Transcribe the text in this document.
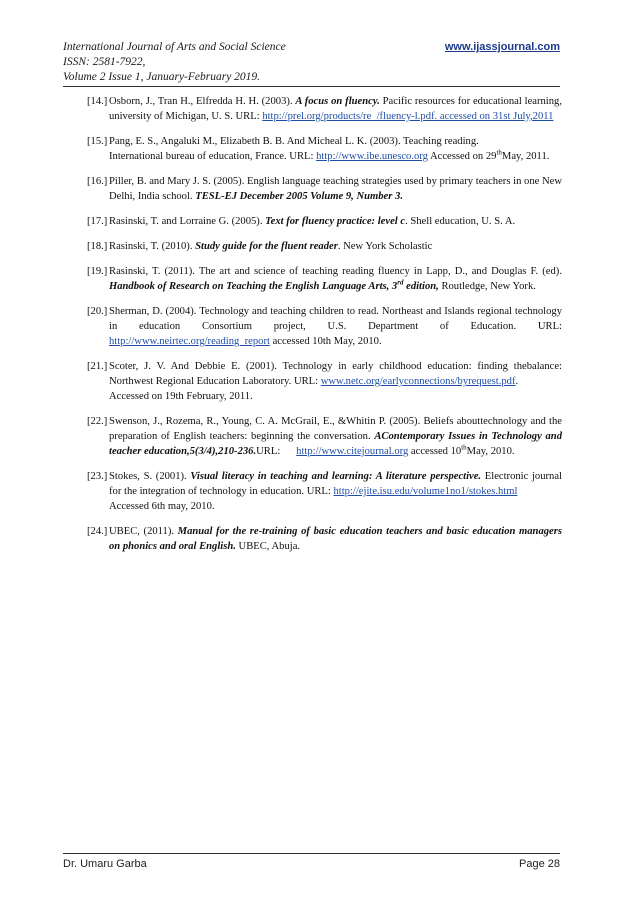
International Journal of Arts and Social Science
ISSN: 2581-7922,
Volume 2 Issue 1, January-February 2019.
www.ijassjournal.com
[14.] Osborn, J., Tran H., Elfredda H. H. (2003). A focus on fluency. Pacific resources for educational learning, university of Michigan, U. S. URL: http://prel.org/products/re_/fluency-l.pdf. accessed on 31st July,2011
[15.] Pang, E. S., Angaluki M., Elizabeth B. B. And Micheal L. K. (2003). Teaching reading.
International bureau of education, France. URL: http://www.ibe.unesco.org Accessed on 29thMay, 2011.
[16.] Piller, B. and Mary J. S. (2005). English language teaching strategies used by primary teachers in one New Delhi, India school. TESL-EJ December 2005 Volume 9, Number 3.
[17.] Rasinski, T. and Lorraine G. (2005). Text for fluency practice: level c. Shell education, U. S. A.
[18.] Rasinski, T. (2010). Study guide for the fluent reader. New York Scholastic
[19.] Rasinski, T. (2011). The art and science of teaching reading fluency in Lapp, D., and Douglas F. (ed). Handbook of Research on Teaching the English Language Arts, 3rd edition, Routledge, New York.
[20.] Sherman, D. (2004). Technology and teaching children to read. Northeast and Islands regional technology in education Consortium project, U.S. Department of Education. URL: http://www.neirtec.org/reading_report accessed 10th May, 2010.
[21.] Scoter, J. V. And Debbie E. (2001). Technology in early childhood education: finding thebalance: Northwest Regional Education Laboratory. URL: www.netc.org/earlyconnections/byrequest.pdf.
Accessed on 19th February, 2011.
[22.] Swenson, J., Rozema, R., Young, C. A. McGrail, E., &Whitin P. (2005). Beliefs abouttechnology and the preparation of English teachers: beginning the conversation. AContemporary Issues in Technology and teacher education,5(3/4),210-236.URL:      http://www.citejournal.org accessed 10thMay, 2010.
[23.] Stokes, S. (2001). Visual literacy in teaching and learning: A literature perspective. Electronic journal for the integration of technology in education. URL: http://ejite.isu.edu/volume1no1/stokes.html
Accessed 6th may, 2010.
[24.] UBEC, (2011). Manual for the re-training of basic education teachers and basic education managers on phonics and oral English. UBEC, Abuja.
Dr. Umaru Garba	Page 28
